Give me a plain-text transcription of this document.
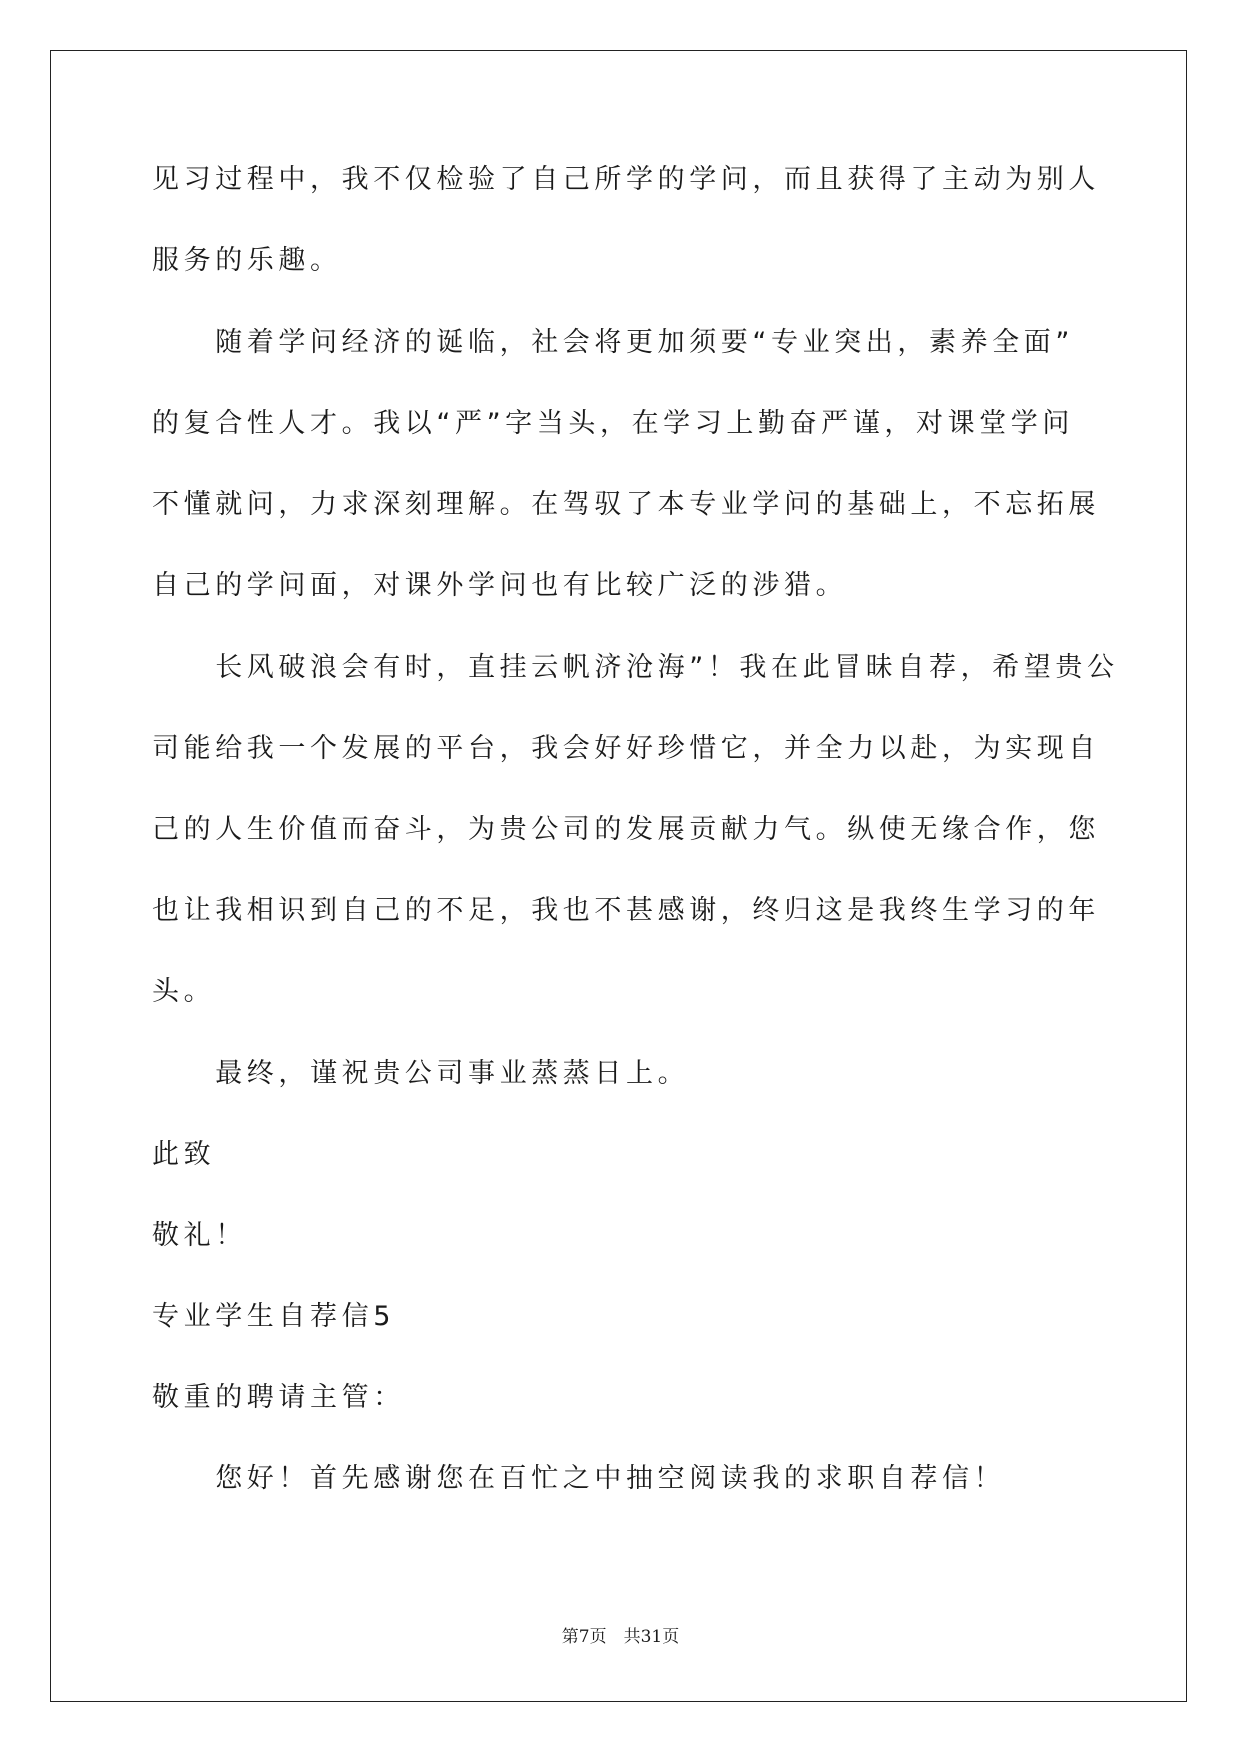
见习过程中，我不仅检验了自己所学的学问，而且获得了主动为别人
服务的乐趣。

　　随着学问经济的诞临，社会将更加须要“专业突出，素养全面”
的复合性人才。我以“严”字当头，在学习上勤奋严谨，对课堂学问
不懂就问，力求深刻理解。在驾驭了本专业学问的基础上，不忘拓展
自己的学问面，对课外学问也有比较广泛的涉猎。

　　长风破浪会有时，直挂云帆济沧海”！我在此冒昧自荐，希望贵公
司能给我一个发展的平台，我会好好珍惜它，并全力以赴，为实现自
己的人生价值而奋斗，为贵公司的发展贡献力气。纵使无缘合作，您
也让我相识到自己的不足，我也不甚感谢，终归这是我终生学习的年
头。

　　最终，谨祝贵公司事业蒸蒸日上。
此致
敬礼！
专业学生自荐信5
敬重的聘请主管：
　　您好！首先感谢您在百忙之中抽空阅读我的求职自荐信！
第7页　共31页
